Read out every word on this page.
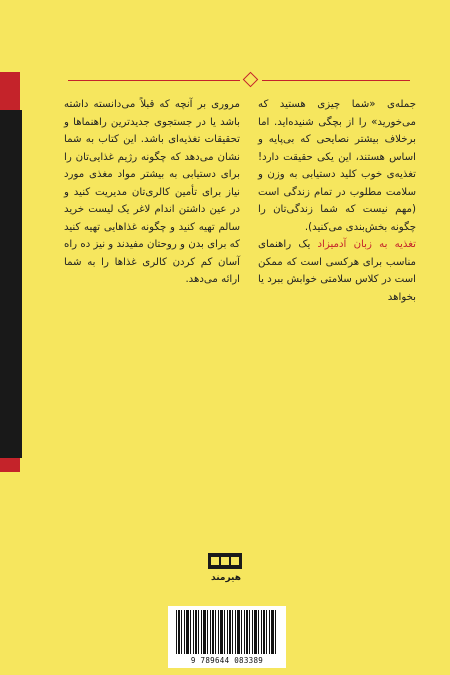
جمله‌ی «شما چیزی هستید که می‌خورید» را از بچگی شنیده‌اید. اما برخلاف بیشتر نصایحی که بی‌پایه و اساس هستند، این یکی حقیقت دارد! تغذیه‌ی خوب کلید دستیابی به وزن و سلامت مطلوب در تمام زندگی است (مهم نیست که شما زندگی‌تان را چگونه بخش‌بندی می‌کنید).

تغذیه به زبان آدمیزاد یک راهنمای مناسب برای هرکسی است که ممکن است در کلاس سلامتی خوابش ببرد یا بخواهد

مروری بر آنچه که قبلاً می‌دانسته داشته باشد یا در جستجوی جدیدترین راهنماها و تحقیقات تغذیه‌ای باشد. این کتاب به شما نشان می‌دهد که چگونه رژیم غذایی‌تان را برای دستیابی به بیشتر مواد مغذی مورد نیاز برای تأمین کالری‌تان مدیریت کنید و در عین داشتن اندام لاغر یک لیست خرید سالم تهیه کنید و چگونه غذاهایی تهیه کنید که برای بدن و روحتان مفیدند و نیز ده راه آسان کم کردن کالری غذاها را به شما ارائه می‌دهد.

هیرمند
9 789644 083389
